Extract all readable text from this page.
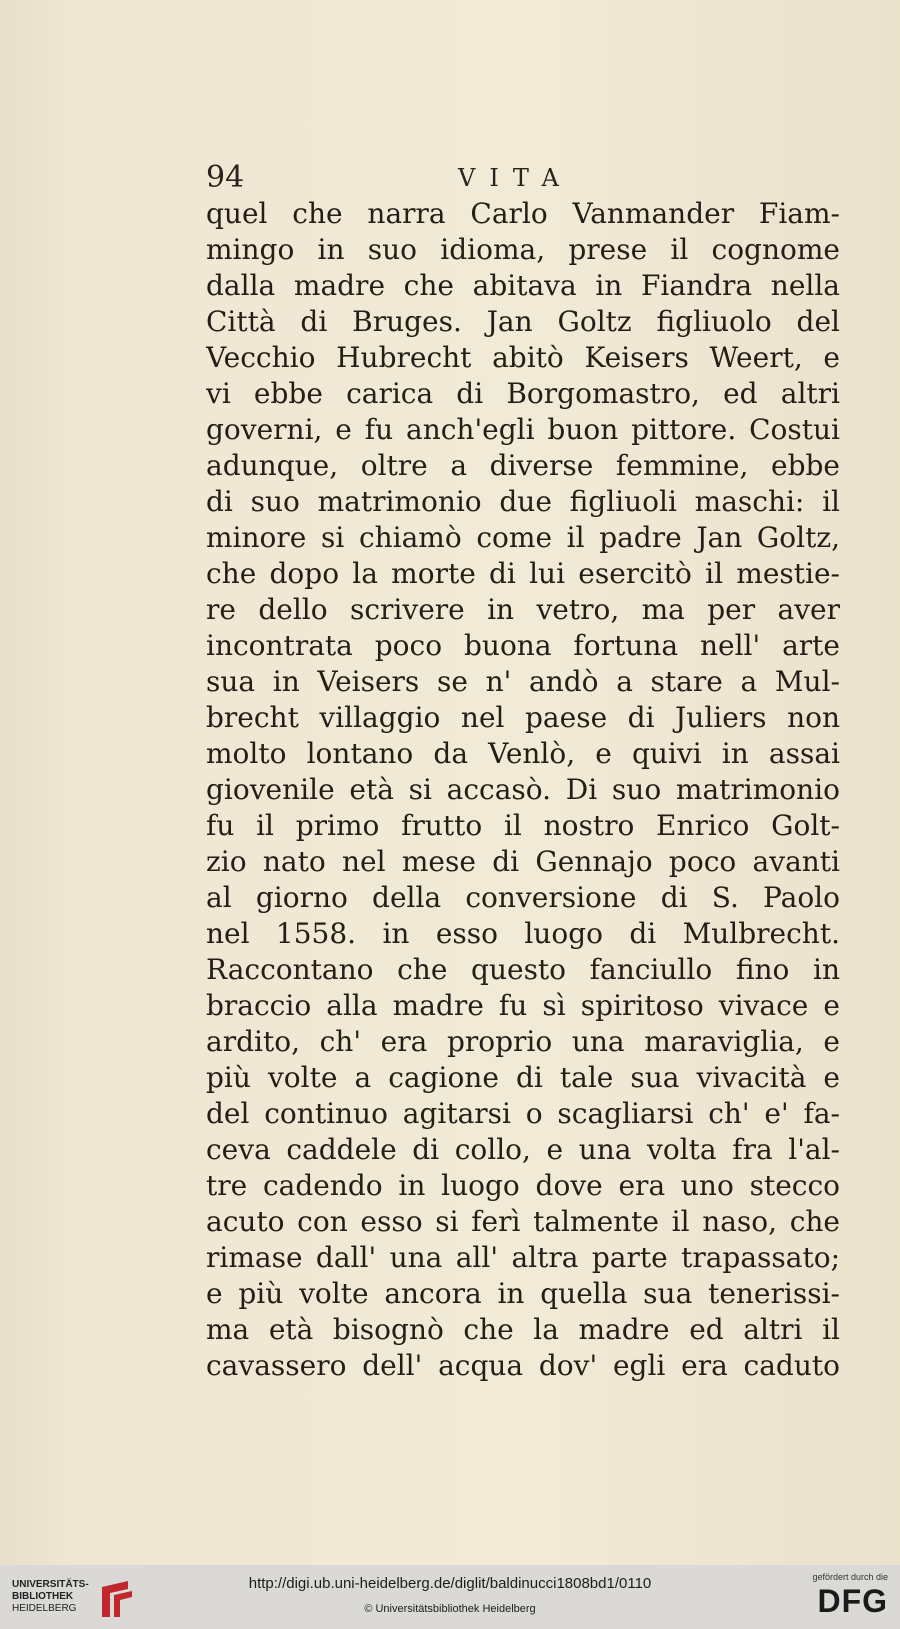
94	VITA
quel che narra Carlo Vanmander Fiam-
mingo in suo idioma, prese il cognome
dalla madre che abitava in Fiandra nella
Città di Bruges. Jan Goltz figliuolo del
Vecchio Hubrecht abitò Keisers Weert, e
vi ebbe carica di Borgomastro, ed altri
governi, e fu anch'egli buon pittore. Costui
adunque, oltre a diverse femmine, ebbe
di suo matrimonio due figliuoli maschi: il
minore si chiamò come il padre Jan Goltz,
che dopo la morte di lui esercitò il mestie-
re dello scrivere in vetro, ma per aver
incontrata poco buona fortuna nell' arte
sua in Veisers se n' andò a stare a Mul-
brecht villaggio nel paese di Juliers non
molto lontano da Venlò, e quivi in assai
giovenile età si accasò. Di suo matrimonio
fu il primo frutto il nostro Enrico Golt-
zio nato nel mese di Gennajo poco avanti
al giorno della conversione di S. Paolo
nel 1558. in esso luogo di Mulbrecht.
Raccontano che questo fanciullo fino in
braccio alla madre fu sì spiritoso vivace e
ardito, ch' era proprio una maraviglia, e
più volte a cagione di tale sua vivacità e
del continuo agitarsi o scagliarsi ch' e' fa-
ceva caddele di collo, e una volta fra l'al-
tre cadendo in luogo dove era uno stecco
acuto con esso si ferì talmente il naso, che
rimase dall' una all' altra parte trapassato;
e più volte ancora in quella sua tenerissi-
ma età bisognò che la madre ed altri il
cavassero dell' acqua dov' egli era caduto
UNIVERSITÄTS-
BIBLIOTHEK
HEIDELBERG
http://digi.ub.uni-heidelberg.de/diglit/baldinucci1808bd1/0110
© Universitätsbibliothek Heidelberg
gefördert durch die
DFG
